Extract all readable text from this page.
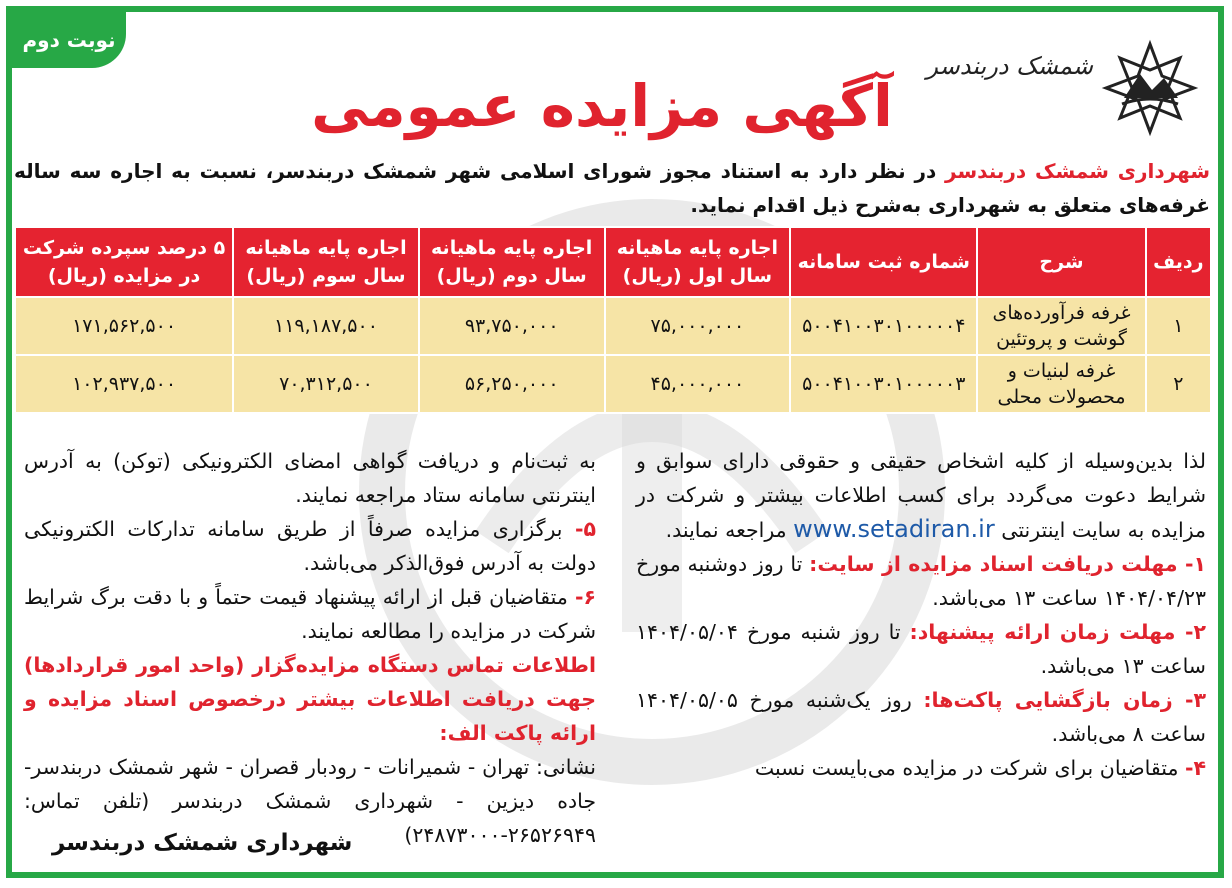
نوبت دوم
شمشک دربندسر
آگهی مزایده عمومی
شهرداری شمشک دربندسر در نظر دارد به استناد مجوز شورای اسلامی شهر شمشک دربندسر، نسبت به اجاره سه ساله غرفه‌های متعلق به شهرداری به‌شرح ذیل اقدام نماید.
ردیف	شرح	شماره ثبت سامانه	اجاره پایه ماهیانه سال اول (ریال)	اجاره پایه ماهیانه سال دوم (ریال)	اجاره پایه ماهیانه سال سوم (ریال)	۵ درصد سپرده شرکت در مزایده (ریال)
۱	غرفه فرآورده‌های گوشت و پروتئین	۵۰۰۴۱۰۰۳۰۱۰۰۰۰۰۴	۷۵,۰۰۰,۰۰۰	۹۳,۷۵۰,۰۰۰	۱۱۹,۱۸۷,۵۰۰	۱۷۱,۵۶۲,۵۰۰
۲	غرفه لبنیات و محصولات محلی	۵۰۰۴۱۰۰۳۰۱۰۰۰۰۰۳	۴۵,۰۰۰,۰۰۰	۵۶,۲۵۰,۰۰۰	۷۰,۳۱۲,۵۰۰	۱۰۲,۹۳۷,۵۰۰

لذا بدین‌وسیله از کلیه اشخاص حقیقی و حقوقی دارای سوابق و شرایط دعوت می‌گردد برای کسب اطلاعات بیشتر و شرکت در مزایده به سایت اینترنتی www.setadiran.ir مراجعه نمایند.

۱- مهلت دریافت اسناد مزایده از سایت: تا روز دوشنبه مورخ ۱۴۰۴/۰۴/۲۳ ساعت ۱۳ می‌باشد.

۲- مهلت زمان ارائه پیشنهاد: تا روز شنبه مورخ ۱۴۰۴/۰۵/۰۴ ساعت ۱۳ می‌باشد.

۳- زمان بازگشایی پاکت‌ها: روز یک‌شنبه مورخ ۱۴۰۴/۰۵/۰۵ ساعت ۸ می‌باشد.

۴- متقاضیان برای شرکت در مزایده می‌بایست نسبت

به ثبت‌نام و دریافت گواهی امضای الکترونیکی (توکن) به آدرس اینترنتی سامانه ستاد مراجعه نمایند.

۵- برگزاری مزایده صرفاً از طریق سامانه تدارکات الکترونیکی دولت به آدرس فوق‌الذکر می‌باشد.

۶- متقاضیان قبل از ارائه پیشنهاد قیمت حتماً و با دقت برگ شرایط شرکت در مزایده را مطالعه نمایند.

اطلاعات تماس دستگاه مزایده‌گزار (واحد امور قراردادها) جهت دریافت اطلاعات بیشتر درخصوص اسناد مزایده و ارائه پاکت الف:

نشانی: تهران - شمیرانات - رودبار قصران - شهر شمشک دربندسر- جاده دیزین - شهرداری شمشک دربندسر (تلفن تماس: ۲۶۵۲۶۹۴۹-۲۴۸۷۳۰۰۰)

شهرداری شمشک دربندسر
